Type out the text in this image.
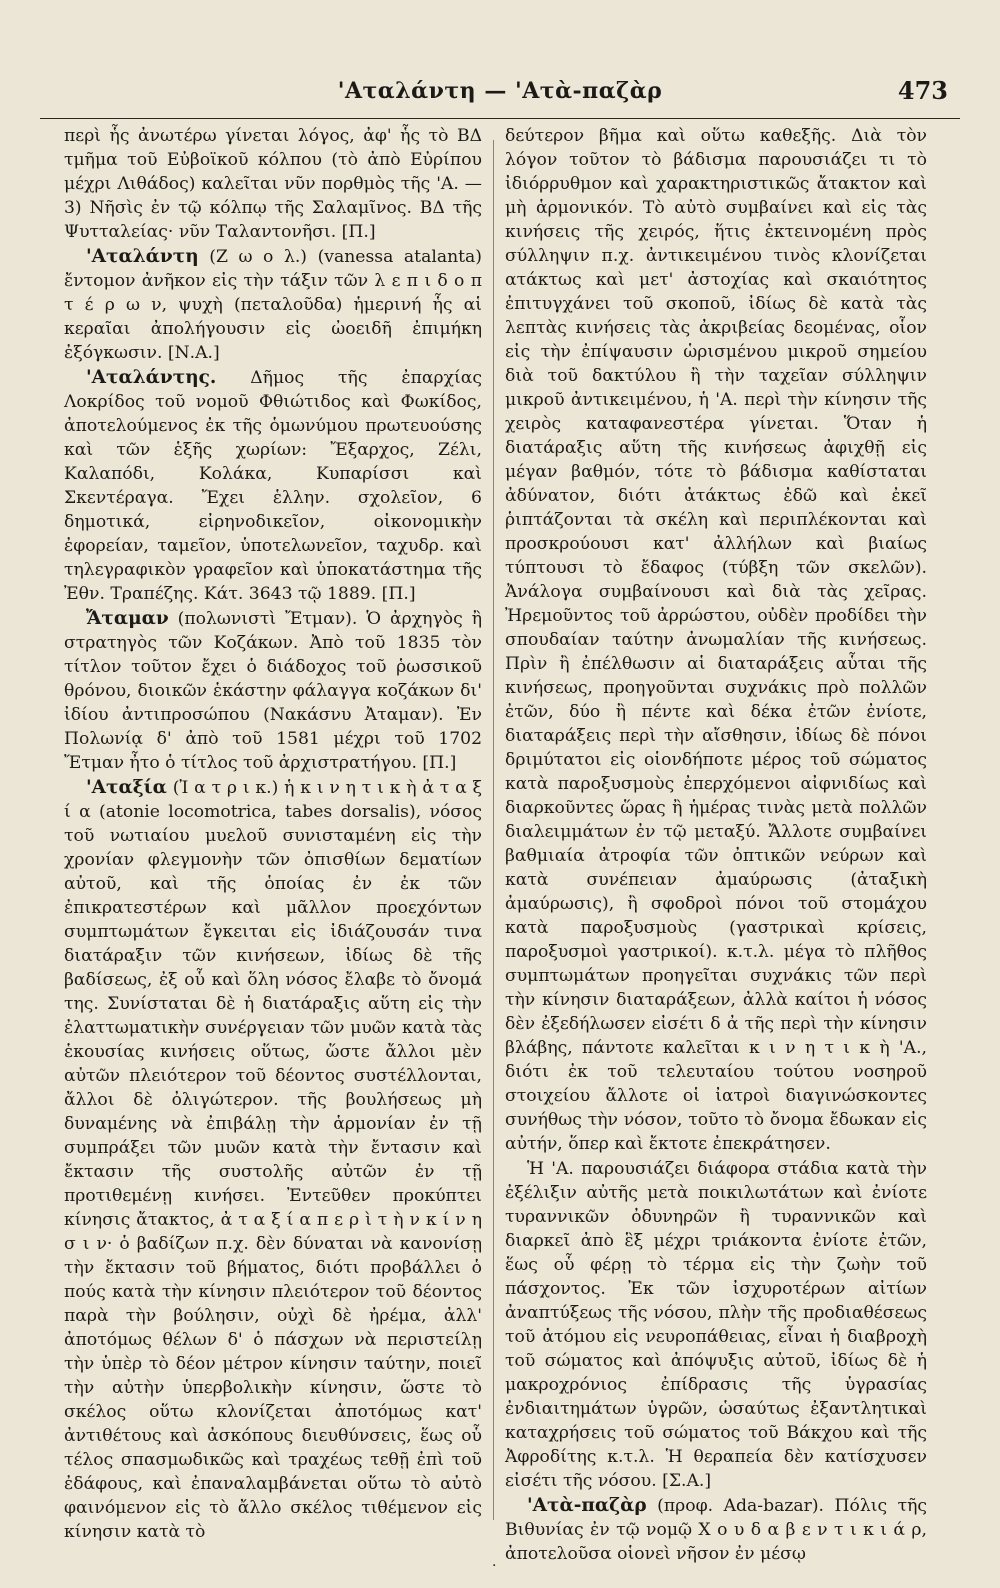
'Αταλάντη — 'Ατὰ-παζὰρ	473

περὶ ἧς ἀνωτέρω γίνεται λόγος, ἀφ' ἧς τὸ ΒΔ τμῆμα τοῦ Εὐβοϊκοῦ κόλπου (τὸ ἀπὸ Εὐρίπου μέχρι Λιθάδος) καλεῖται νῦν πορθμὸς τῆς 'Α. — 3) Νῆσὶς ἐν τῷ κόλπῳ τῆς Σαλαμῖνος. ΒΔ τῆς Ψυτταλείας· νῦν Ταλαντονῆσι. [Π.]

'Αταλάντη (Ζ ω ο λ.) (vanessa atalanta) ἔντομον ἀνῆκον εἰς τὴν τάξιν τῶν λ ε π ι δ ο π τ έ ρ ω ν, ψυχὴ (πεταλοῦδα) ἡμερινή ἧς αἱ κεραῖαι ἀπολήγουσιν εἰς ὠοειδῆ ἐπιμήκη ἐξόγκωσιν. [Ν.Α.]

'Αταλάντης. Δῆμος τῆς ἐπαρχίας Λοκρίδος τοῦ νομοῦ Φθιώτιδος καὶ Φωκίδος, ἀποτελούμενος ἐκ τῆς ὁμωνύμου πρωτευούσης καὶ τῶν ἑξῆς χωρίων: Ἔξαρχος, Ζέλι, Καλαπόδι, Κολάκα, Κυπαρίσσι καὶ Σκεντέραγα. Ἔχει ἑλλην. σχολεῖον, 6 δημοτικά, εἰρηνοδικεῖον, οἰκονομικὴν ἐφορείαν, ταμεῖον, ὑποτελωνεῖον, ταχυδρ. καὶ τηλεγραφικὸν γραφεῖον καὶ ὑποκατάστημα τῆς Ἐθν. Τραπέζης. Κάτ. 3643 τῷ 1889. [Π.]

Ἄταμαν (πολωνιστὶ Ἔτμαν). Ὁ ἀρχηγὸς ἢ στρατηγὸς τῶν Κοζάκων. Ἀπὸ τοῦ 1835 τὸν τίτλον τοῦτον ἔχει ὁ διάδοχος τοῦ ῥωσσικοῦ θρόνου, διοικῶν ἑκάστην φάλαγγα κοζάκων δι' ἰδίου ἀντιπροσώπου (Νακάσνυ Ἀταμαν). Ἐν Πολωνίᾳ δ' ἀπὸ τοῦ 1581 μέχρι τοῦ 1702 Ἔτμαν ἦτο ὁ τίτλος τοῦ ἀρχιστρατήγου. [Π.]

'Αταξία (Ἰ α τ ρ ι κ.) ἡ κ ι ν η τ ι κ ὴ ἀ τ α ξ ί α (atonie locomotrica, tabes dorsalis), νόσος τοῦ νωτιαίου μυελοῦ συνισταμένη εἰς τὴν χρονίαν φλεγμονὴν τῶν ὀπισθίων δεματίων αὐτοῦ, καὶ τῆς ὁποίας ἐν ἐκ τῶν ἐπικρατεστέρων καὶ μᾶλλον προεχόντων συμπτωμάτων ἔγκειται εἰς ἰδιάζουσάν τινα διατάραξιν τῶν κινήσεων, ἰδίως δὲ τῆς βαδίσεως, ἐξ οὗ καὶ ὅλη νόσος ἔλαβε τὸ ὄνομά της. Συνίσταται δὲ ἡ διατάραξις αὕτη εἰς τὴν ἐλαττωματικὴν συνέργειαν τῶν μυῶν κατὰ τὰς ἑκουσίας κινήσεις οὕτως, ὥστε ἄλλοι μὲν αὐτῶν πλειότερον τοῦ δέοντος συστέλλονται, ἄλλοι δὲ ὀλιγώτερον. τῆς βουλήσεως μὴ δυναμένης νὰ ἐπιβάλῃ τὴν ἁρμονίαν ἐν τῇ συμπράξει τῶν μυῶν κατὰ τὴν ἔντασιν καὶ ἔκτασιν τῆς συστολῆς αὐτῶν ἐν τῇ προτιθεμένῃ κινήσει. Ἐντεῦθεν προκύπτει κίνησις ἄτακτος, ἀ τ α ξ ί α π ε ρ ὶ τ ὴ ν κ ί ν η σ ι ν· ὁ βαδίζων π.χ. δὲν δύναται νὰ κανονίσῃ τὴν ἔκτασιν τοῦ βήματος, διότι προβάλλει ὁ πούς κατὰ τὴν κίνησιν πλειότερον τοῦ δέοντος παρὰ τὴν βούλησιν, οὐχὶ δὲ ἠρέμα, ἀλλ' ἀποτόμως θέλων δ' ὁ πάσχων νὰ περιστείλῃ τὴν ὑπὲρ τὸ δέον μέτρον κίνησιν ταύτην, ποιεῖ τὴν αὐτὴν ὑπερβολικὴν κίνησιν, ὥστε τὸ σκέλος οὕτω κλονίζεται ἀποτόμως κατ' ἀντιθέτους καὶ ἀσκόπους διευθύνσεις, ἕως οὗ τέλος σπασμωδικῶς καὶ τραχέως τεθῇ ἐπὶ τοῦ ἐδάφους, καὶ ἐπαναλαμβάνεται οὕτω τὸ αὐτὸ φαινόμενον εἰς τὸ ἄλλο σκέλος τιθέμενον εἰς κίνησιν κατὰ τὸ

δεύτερον βῆμα καὶ οὕτω καθεξῆς. Διὰ τὸν λόγον τοῦτον τὸ βάδισμα παρουσιάζει τι τὸ ἰδιόρρυθμον καὶ χαρακτηριστικῶς ἄτακτον καὶ μὴ ἁρμονικόν. Τὸ αὐτὸ συμβαίνει καὶ εἰς τὰς κινήσεις τῆς χειρός, ἥτις ἐκτεινομένη πρὸς σύλληψιν π.χ. ἀντικειμένου τινὸς κλονίζεται ατάκτως καὶ μετ' ἀστοχίας καὶ σκαιότητος ἐπιτυγχάνει τοῦ σκοποῦ, ἰδίως δὲ κατὰ τὰς λεπτὰς κινήσεις τὰς ἀκριβείας δεομένας, οἷον εἰς τὴν ἐπίψαυσιν ὡρισμένου μικροῦ σημείου διὰ τοῦ δακτύλου ἢ τὴν ταχεῖαν σύλληψιν μικροῦ ἀντικειμένου, ἡ 'Α. περὶ τὴν κίνησιν τῆς χειρὸς καταφανεστέρα γίνεται. Ὅταν ἡ διατάραξις αὕτη τῆς κινήσεως ἀφιχθῇ εἰς μέγαν βαθμόν, τότε τὸ βάδισμα καθίσταται ἀδύνατον, διότι ἀτάκτως ἐδῶ καὶ ἐκεῖ ῥιπτάζονται τὰ σκέλη καὶ περιπλέκονται καὶ προσκρούουσι κατ' ἀλλήλων καὶ βιαίως τύπτουσι τὸ ἔδαφος (τύβξη τῶν σκελῶν). Ἀνάλογα συμβαίνουσι καὶ διὰ τὰς χεῖρας. Ἠρεμοῦντος τοῦ ἀρρώστου, οὐδὲν προδίδει τὴν σπουδαίαν ταύτην ἀνωμαλίαν τῆς κινήσεως. Πρὶν ἢ ἐπέλθωσιν αἱ διαταράξεις αὗται τῆς κινήσεως, προηγοῦνται συχνάκις πρὸ πολλῶν ἐτῶν, δύο ἢ πέντε καὶ δέκα ἐτῶν ἐνίοτε, διαταράξεις περὶ τὴν αἴσθησιν, ἰδίως δὲ πόνοι δριμύτατοι εἰς οἱονδήποτε μέρος τοῦ σώματος κατὰ παροξυσμοὺς ἐπερχόμενοι αἰφνιδίως καὶ διαρκοῦντες ὥρας ἢ ἡμέρας τινὰς μετὰ πολλῶν διαλειμμάτων ἐν τῷ μεταξύ. Ἄλλοτε συμβαίνει βαθμιαία ἀτροφία τῶν ὀπτικῶν νεύρων καὶ κατὰ συνέπειαν ἀμαύρωσις (ἀταξικὴ ἀμαύρωσις), ἢ σφοδροὶ πόνοι τοῦ στομάχου κατὰ παροξυσμοὺς (γαστρικαὶ κρίσεις, παροξυσμοὶ γαστρικοί). κ.τ.λ. μέγα τὸ πλῆθος συμπτωμάτων προηγεῖται συχνάκις τῶν περὶ τὴν κίνησιν διαταράξεων, ἀλλὰ καίτοι ἡ νόσος δὲν ἐξεδήλωσεν εἰσέτι δ ἀ τῆς περὶ τὴν κίνησιν βλάβης, πάντοτε καλεῖται κ ι ν η τ ι κ ὴ 'Α., διότι ἐκ τοῦ τελευταίου τούτου νοσηροῦ στοιχείου ἄλλοτε οἱ ἰατροὶ διαγινώσκοντες συνήθως τὴν νόσον, τοῦτο τὸ ὄνομα ἔδωκαν εἰς αὐτήν, ὅπερ καὶ ἔκτοτε ἐπεκράτησεν.

Ἡ 'Α. παρουσιάζει διάφορα στάδια κατὰ τὴν ἐξέλιξιν αὐτῆς μετὰ ποικιλωτάτων καὶ ἐνίοτε τυραννικῶν ὀδυνηρῶν ἢ τυραννικῶν καὶ διαρκεῖ ἀπὸ ἓξ μέχρι τριάκοντα ἐνίοτε ἐτῶν, ἕως οὗ φέρῃ τὸ τέρμα εἰς τὴν ζωὴν τοῦ πάσχοντος. Ἐκ τῶν ἰσχυροτέρων αἰτίων ἀναπτύξεως τῆς νόσου, πλὴν τῆς προδιαθέσεως τοῦ ἀτόμου εἰς νευροπάθειας, εἶναι ἡ διαβροχὴ τοῦ σώματος καὶ ἀπόψυξις αὐτοῦ, ἰδίως δὲ ἡ μακροχρόνιος ἐπίδρασις τῆς ὑγρασίας ἐνδιαιτημάτων ὑγρῶν, ὡσαύτως ἐξαντλητικαὶ καταχρήσεις τοῦ σώματος τοῦ Βάκχου καὶ τῆς Ἀφροδίτης κ.τ.λ. Ἡ θεραπεία δὲν κατίσχυσεν εἰσέτι τῆς νόσου. [Σ.Α.]

'Ατὰ-παζὰρ (προφ. Ada-bazar). Πόλις τῆς Βιθυνίας ἐν τῷ νομῷ Χ ο υ δ α β ε ν τ ι κ ι ά ρ, ἀποτελοῦσα οἱονεὶ νῆσον ἐν μέσῳ

·
